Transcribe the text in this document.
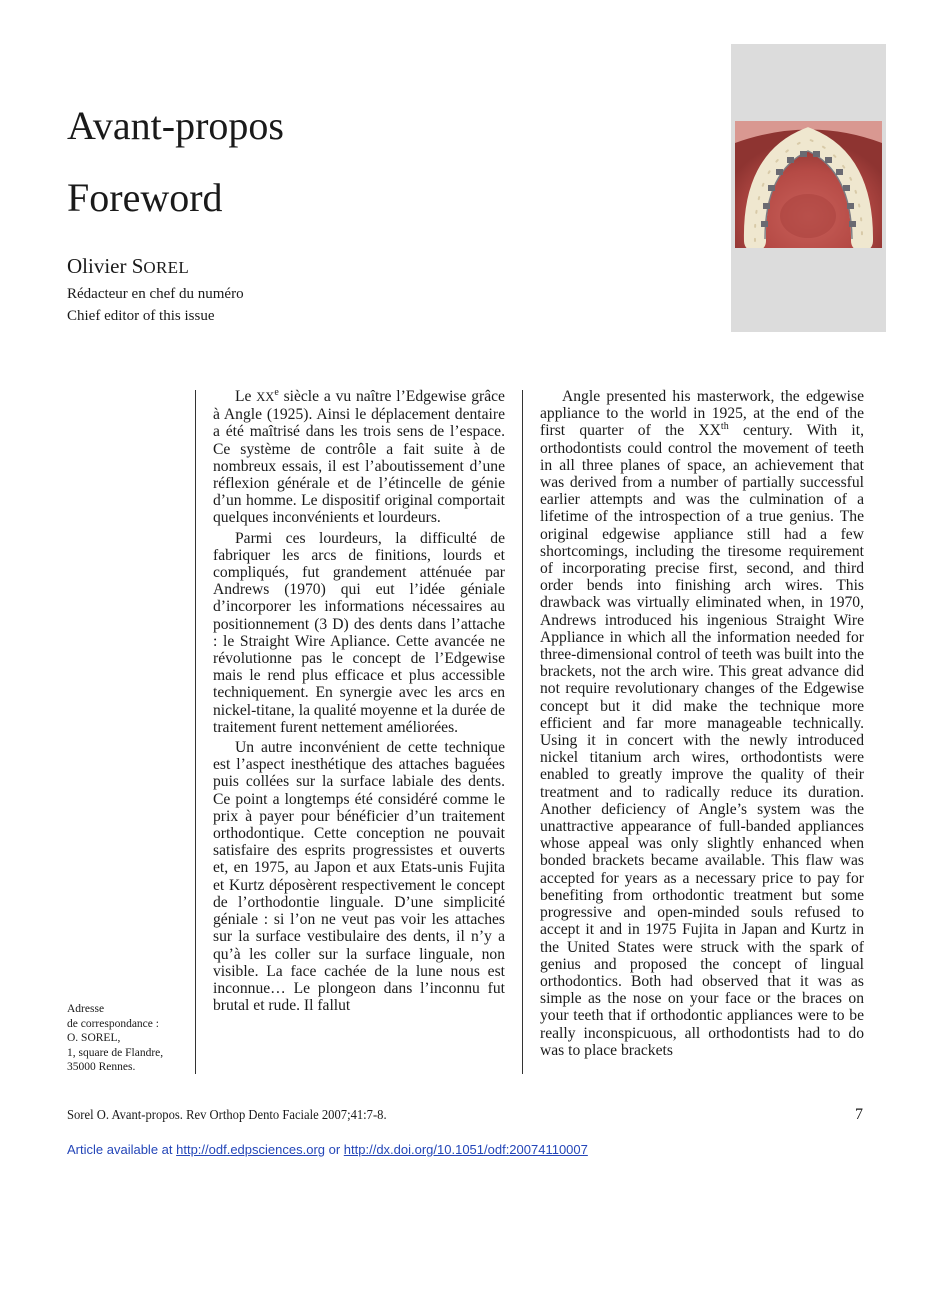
Avant-propos
Foreword
Olivier SOREL
Rédacteur en chef du numéro
Chief editor of this issue
Adresse
de correspondance :
O. SOREL,
1, square de Flandre,
35000 Rennes.

Le XXe siècle a vu naître l’Edgewise grâce à Angle (1925). Ainsi le déplacement dentaire a été maîtrisé dans les trois sens de l’espace. Ce système de contrôle a fait suite à de nombreux essais, il est l’aboutissement d’une réflexion générale et de l’étincelle de génie d’un homme. Le dispositif original comportait quelques inconvénients et lourdeurs.

Parmi ces lourdeurs, la difficulté de fabriquer les arcs de finitions, lourds et compliqués, fut grandement atténuée par Andrews (1970) qui eut l’idée géniale d’incorporer les informations nécessaires au positionnement (3 D) des dents dans l’attache : le Straight Wire Apliance. Cette avancée ne révolutionne pas le concept de l’Edgewise mais le rend plus efficace et plus accessible techniquement. En synergie avec les arcs en nickel-titane, la qualité moyenne et la durée de traitement furent nettement améliorées.

Un autre inconvénient de cette technique est l’aspect inesthétique des attaches baguées puis collées sur la surface labiale des dents. Ce point a longtemps été considéré comme le prix à payer pour bénéficier d’un traitement orthodontique. Cette conception ne pouvait satisfaire des esprits progressistes et ouverts et, en 1975, au Japon et aux Etats-unis Fujita et Kurtz déposèrent respectivement le concept de l’orthodontie linguale. D’une simplicité géniale : si l’on ne veut pas voir les attaches sur la surface vestibulaire des dents, il n’y a qu’à les coller sur la surface linguale, non visible. La face cachée de la lune nous est inconnue… Le plongeon dans l’inconnu fut brutal et rude. Il fallut

Angle presented his masterwork, the edgewise appliance to the world in 1925, at the end of the first quarter of the XXth century. With it, orthodontists could control the movement of teeth in all three planes of space, an achievement that was derived from a number of partially successful earlier attempts and was the culmination of a lifetime of the introspection of a true genius. The original edgewise appliance still had a few shortcomings, including the tiresome requirement of incorporating precise first, second, and third order bends into finishing arch wires. This drawback was virtually eliminated when, in 1970, Andrews introduced his ingenious Straight Wire Appliance in which all the information needed for three-dimensional control of teeth was built into the brackets, not the arch wire. This great advance did not require revolutionary changes of the Edgewise concept but it did make the technique more efficient and far more manageable technically. Using it in concert with the newly introduced nickel titanium arch wires, orthodontists were enabled to greatly improve the quality of their treatment and to radically reduce its duration. Another deficiency of Angle’s system was the unattractive appearance of full-banded appliances whose appeal was only slightly enhanced when bonded brackets became available. This flaw was accepted for years as a necessary price to pay for benefiting from orthodontic treatment but some progressive and open-minded souls refused to accept it and in 1975 Fujita in Japan and Kurtz in the United States were struck with the spark of genius and proposed the concept of lingual orthodontics. Both had observed that it was as simple as the nose on your face or the braces on your teeth that if orthodontic appliances were to be really inconspicuous, all orthodontists had to do was to place brackets

Sorel O. Avant-propos. Rev Orthop Dento Faciale 2007;41:7-8.	7
Article available at http://odf.edpsciences.org or http://dx.doi.org/10.1051/odf:20074110007
